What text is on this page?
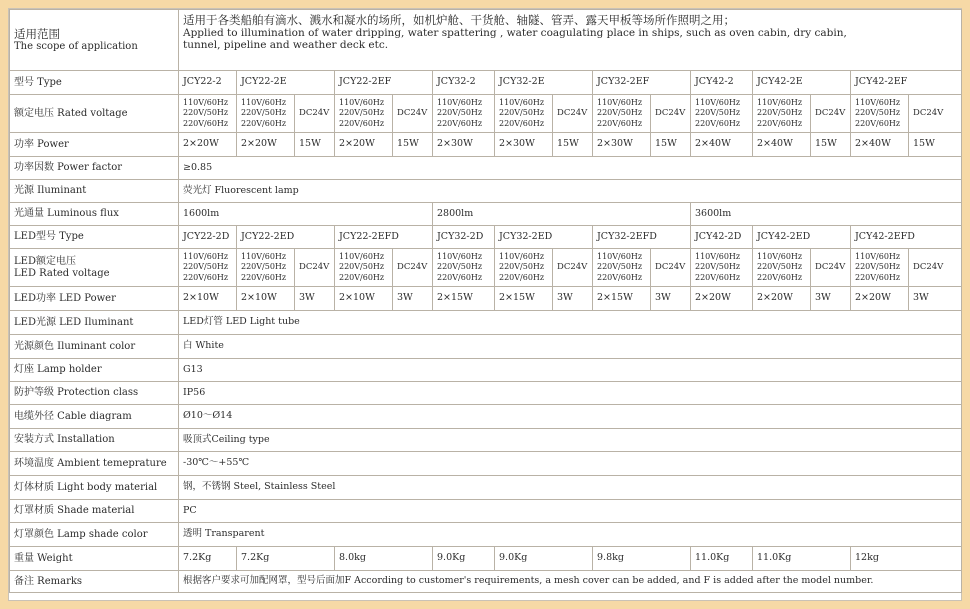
适用范围
The scope of application	适用于各类船舶有滴水、溅水和凝水的场所，如机炉舱、干货舱、轴隧、管弄、露天甲板等场所作照明之用；
Applied to illumination of water dripping, water spattering , water coagulating place in ships, such as oven cabin, dry cabin,
tunnel, pipeline and weather deck etc.														

型号 Type	JCY22-2	JCY22-2E		JCY22-2EF		JCY32-2	JCY32-2E		JCY32-2EF		JCY42-2	JCY42-2E		JCY42-2EF	
额定电压 Rated voltage	110V/60Hz
220V/50Hz
220V/60Hz	110V/60Hz
220V/50Hz
220V/60Hz	DC24V	110V/60Hz
220V/50Hz
220V/60Hz	DC24V	110V/60Hz
220V/50Hz
220V/60Hz	110V/60Hz
220V/50Hz
220V/60Hz	DC24V	110V/60Hz
220V/50Hz
220V/60Hz	DC24V	110V/60Hz
220V/50Hz
220V/60Hz	110V/60Hz
220V/50Hz
220V/60Hz	DC24V	110V/60Hz
220V/50Hz
220V/60Hz	DC24V
功率 Power	2×20W	2×20W	15W	2×20W	15W	2×30W	2×30W	15W	2×30W	15W	2×40W	2×40W	15W	2×40W	15W
功率因数 Power factor	≥0.85														
光源 Iluminant	荧光灯 Fluorescent lamp														
光通量 Luminous flux	1600lm					2800lm					3600lm				
LED型号 Type	JCY22-2D	JCY22-2ED		JCY22-2EFD		JCY32-2D	JCY32-2ED		JCY32-2EFD		JCY42-2D	JCY42-2ED		JCY42-2EFD	

LED额定电压
LED Rated voltage	110V/60Hz
220V/50Hz
220V/60Hz	110V/60Hz
220V/50Hz
220V/60Hz	DC24V	110V/60Hz
220V/50Hz
220V/60Hz	DC24V	110V/60Hz
220V/50Hz
220V/60Hz	110V/60Hz
220V/50Hz
220V/60Hz	DC24V	110V/60Hz
220V/50Hz
220V/60Hz	DC24V	110V/60Hz
220V/50Hz
220V/60Hz	110V/60Hz
220V/50Hz
220V/60Hz	DC24V	110V/60Hz
220V/50Hz
220V/60Hz	DC24V
LED功率 LED Power	2×10W	2×10W	3W	2×10W	3W	2×15W	2×15W	3W	2×15W	3W	2×20W	2×20W	3W	2×20W	3W
LED光源 LED Iluminant	LED灯管 LED Light tube														
光源颜色 Iluminant color	白 White														
灯座 Lamp holder	G13														
防护等级 Protection class	IP56														
电缆外径 Cable diagram	Ø10～Ø14														
安装方式 Installation	吸顶式Ceiling type														
环境温度 Ambient temeprature	-30℃～+55℃														
灯体材质 Light body material	钢，不锈钢 Steel, Stainless Steel														
灯罩材质 Shade material	PC														
灯罩颜色 Lamp shade color	透明 Transparent														
重量 Weight	7.2Kg	7.2Kg		8.0kg		9.0Kg	9.0Kg		9.8kg		11.0Kg	11.0Kg		12kg	
备注 Remarks	根据客户要求可加配网罩，型号后面加F According to customer's requirements, a mesh cover can be added, and F is added after the model number.														
